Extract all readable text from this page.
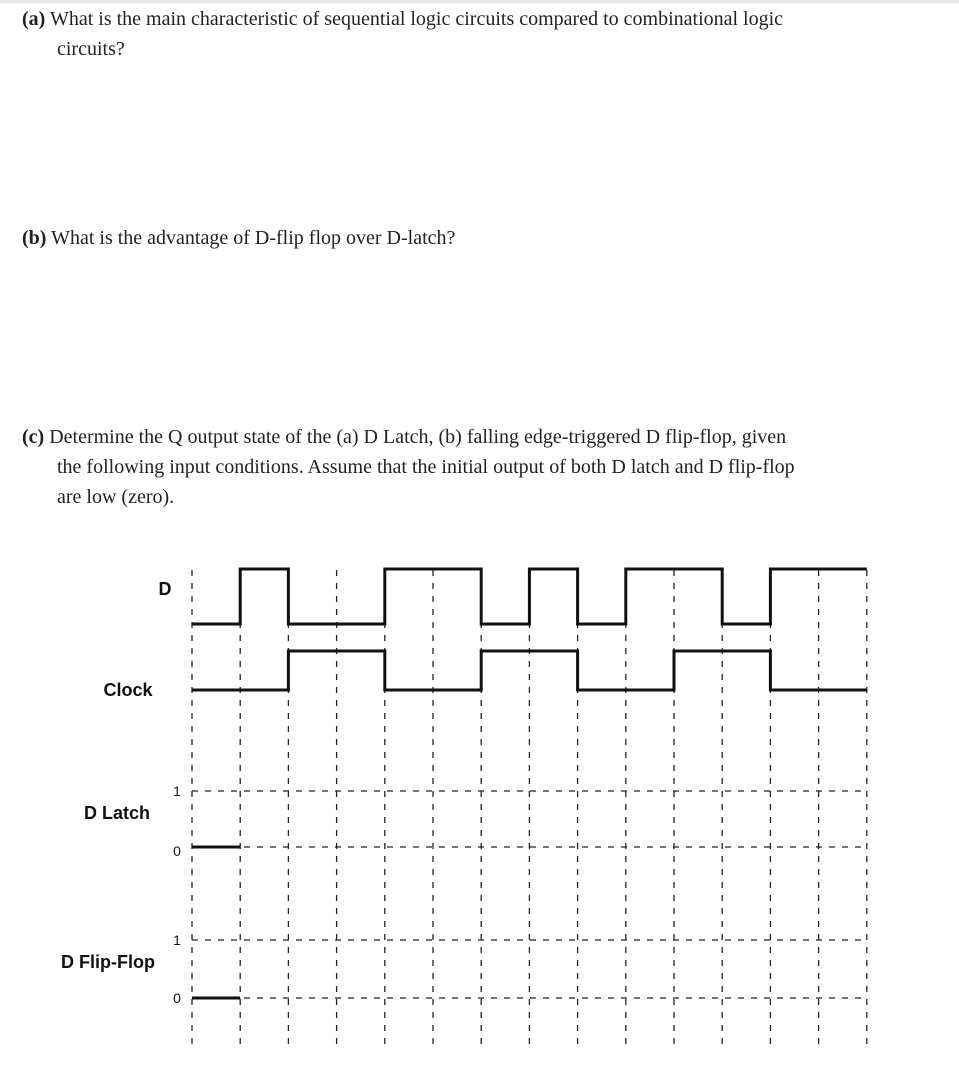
(a) What is the main characteristic of sequential logic circuits compared to combinational logic

circuits?

(b) What is the advantage of D-flip flop over D-latch?

(c) Determine the Q output state of the (a) D Latch, (b) falling edge-triggered D flip-flop, given

the following input conditions. Assume that the initial output of both D latch and D flip-flop

are low (zero).

D
Clock
D Latch
D Flip-Flop
1
0
1
0
